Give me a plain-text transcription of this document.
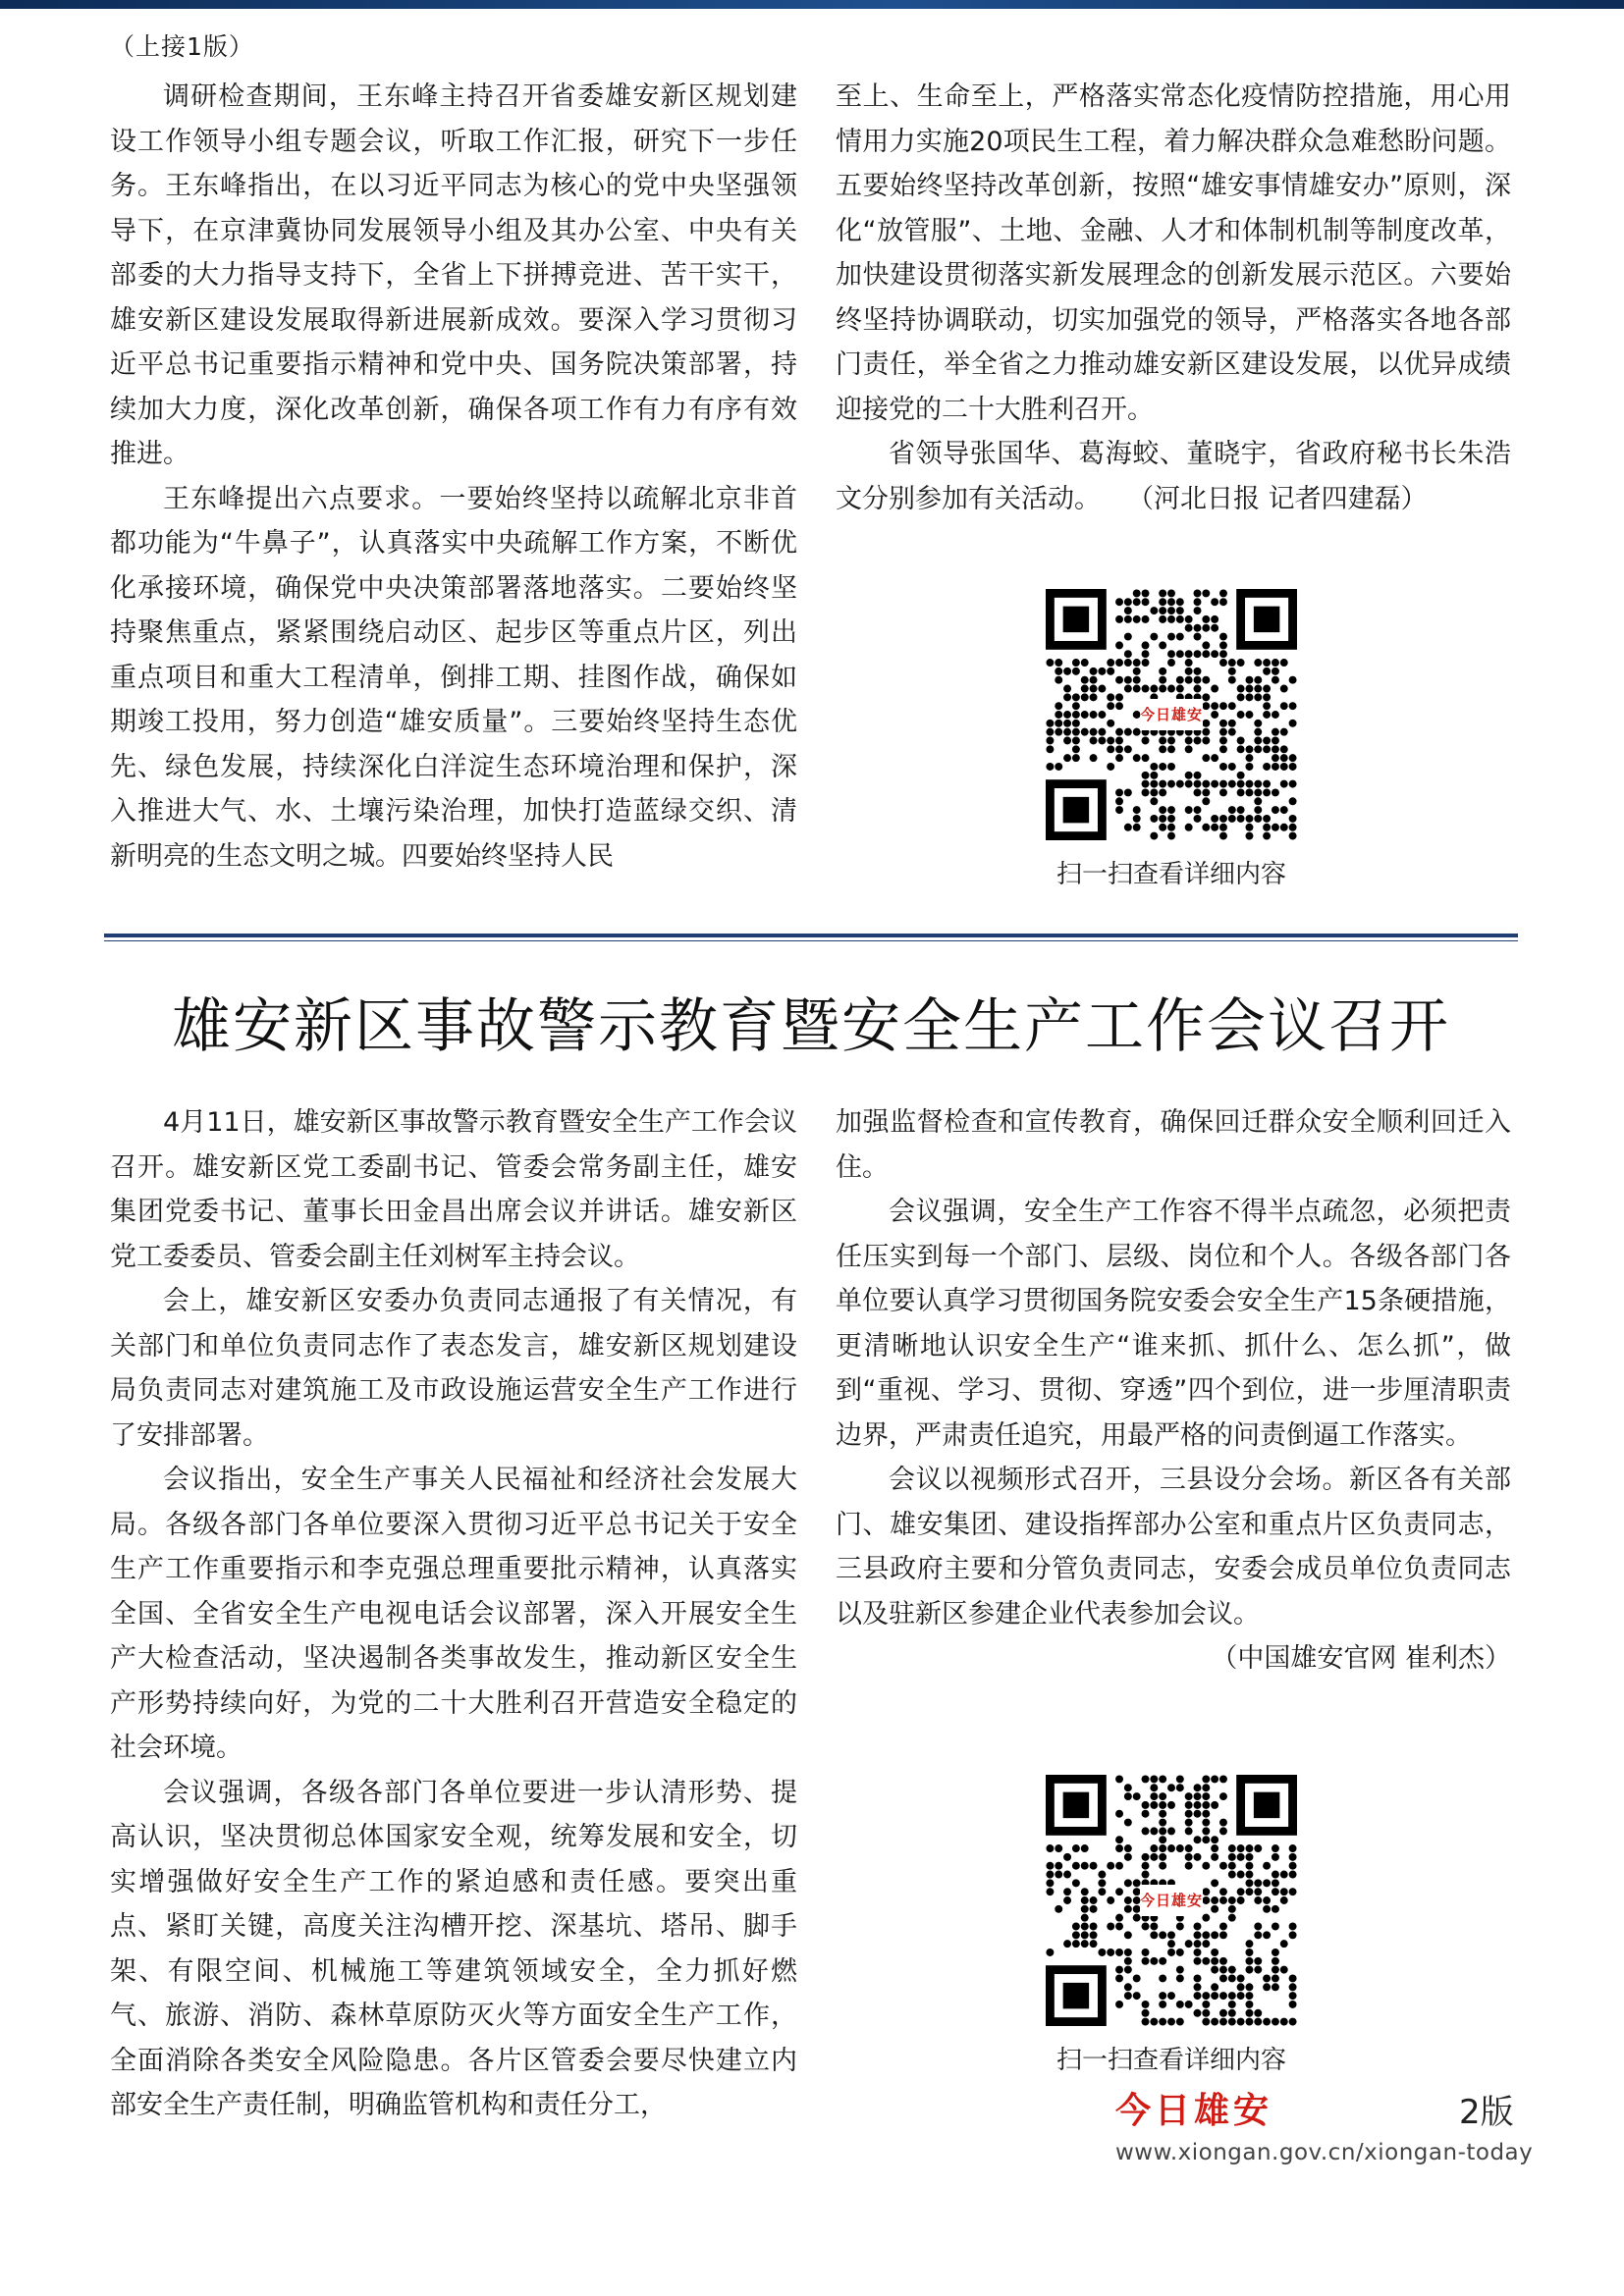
（上接1版）

调研检查期间，王东峰主持召开省委雄安新区规划建设工作领导小组专题会议，听取工作汇报，研究下一步任务。王东峰指出，在以习近平同志为核心的党中央坚强领导下，在京津冀协同发展领导小组及其办公室、中央有关部委的大力指导支持下，全省上下拼搏竞进、苦干实干，雄安新区建设发展取得新进展新成效。要深入学习贯彻习近平总书记重要指示精神和党中央、国务院决策部署，持续加大力度，深化改革创新，确保各项工作有力有序有效推进。

王东峰提出六点要求。一要始终坚持以疏解北京非首都功能为“牛鼻子”，认真落实中央疏解工作方案，不断优化承接环境，确保党中央决策部署落地落实。二要始终坚持聚焦重点，紧紧围绕启动区、起步区等重点片区，列出重点项目和重大工程清单，倒排工期、挂图作战，确保如期竣工投用，努力创造“雄安质量”。三要始终坚持生态优先、绿色发展，持续深化白洋淀生态环境治理和保护，深入推进大气、水、土壤污染治理，加快打造蓝绿交织、清新明亮的生态文明之城。四要始终坚持人民

至上、生命至上，严格落实常态化疫情防控措施，用心用情用力实施20项民生工程，着力解决群众急难愁盼问题。五要始终坚持改革创新，按照“雄安事情雄安办”原则，深化“放管服”、土地、金融、人才和体制机制等制度改革，加快建设贯彻落实新发展理念的创新发展示范区。六要始终坚持协调联动，切实加强党的领导，严格落实各地各部门责任，举全省之力推动雄安新区建设发展，以优异成绩迎接党的二十大胜利召开。

省领导张国华、葛海蛟、董晓宇，省政府秘书长朱浩文分别参加有关活动。　　（河北日报 记者四建磊）

今日雄安
扫一扫查看详细内容
雄安新区事故警示教育暨安全生产工作会议召开

4月11日，雄安新区事故警示教育暨安全生产工作会议召开。雄安新区党工委副书记、管委会常务副主任，雄安集团党委书记、董事长田金昌出席会议并讲话。雄安新区党工委委员、管委会副主任刘树军主持会议。

会上，雄安新区安委办负责同志通报了有关情况，有关部门和单位负责同志作了表态发言，雄安新区规划建设局负责同志对建筑施工及市政设施运营安全生产工作进行了安排部署。

会议指出，安全生产事关人民福祉和经济社会发展大局。各级各部门各单位要深入贯彻习近平总书记关于安全生产工作重要指示和李克强总理重要批示精神，认真落实全国、全省安全生产电视电话会议部署，深入开展安全生产大检查活动，坚决遏制各类事故发生，推动新区安全生产形势持续向好，为党的二十大胜利召开营造安全稳定的社会环境。

会议强调，各级各部门各单位要进一步认清形势、提高认识，坚决贯彻总体国家安全观，统筹发展和安全，切实增强做好安全生产工作的紧迫感和责任感。要突出重点、紧盯关键，高度关注沟槽开挖、深基坑、塔吊、脚手架、有限空间、机械施工等建筑领域安全，全力抓好燃气、旅游、消防、森林草原防灭火等方面安全生产工作，全面消除各类安全风险隐患。各片区管委会要尽快建立内部安全生产责任制，明确监管机构和责任分工，

加强监督检查和宣传教育，确保回迁群众安全顺利回迁入住。

会议强调，安全生产工作容不得半点疏忽，必须把责任压实到每一个部门、层级、岗位和个人。各级各部门各单位要认真学习贯彻国务院安委会安全生产15条硬措施，更清晰地认识安全生产“谁来抓、抓什么、怎么抓”，做到“重视、学习、贯彻、穿透”四个到位，进一步厘清职责边界，严肃责任追究，用最严格的问责倒逼工作落实。

会议以视频形式召开，三县设分会场。新区各有关部门、雄安集团、建设指挥部办公室和重点片区负责同志，三县政府主要和分管负责同志，安委会成员单位负责同志以及驻新区参建企业代表参加会议。

（中国雄安官网 崔利杰）

今日雄安
扫一扫查看详细内容
今日雄安	2版
www.xiongan.gov.cn/xiongan-today
